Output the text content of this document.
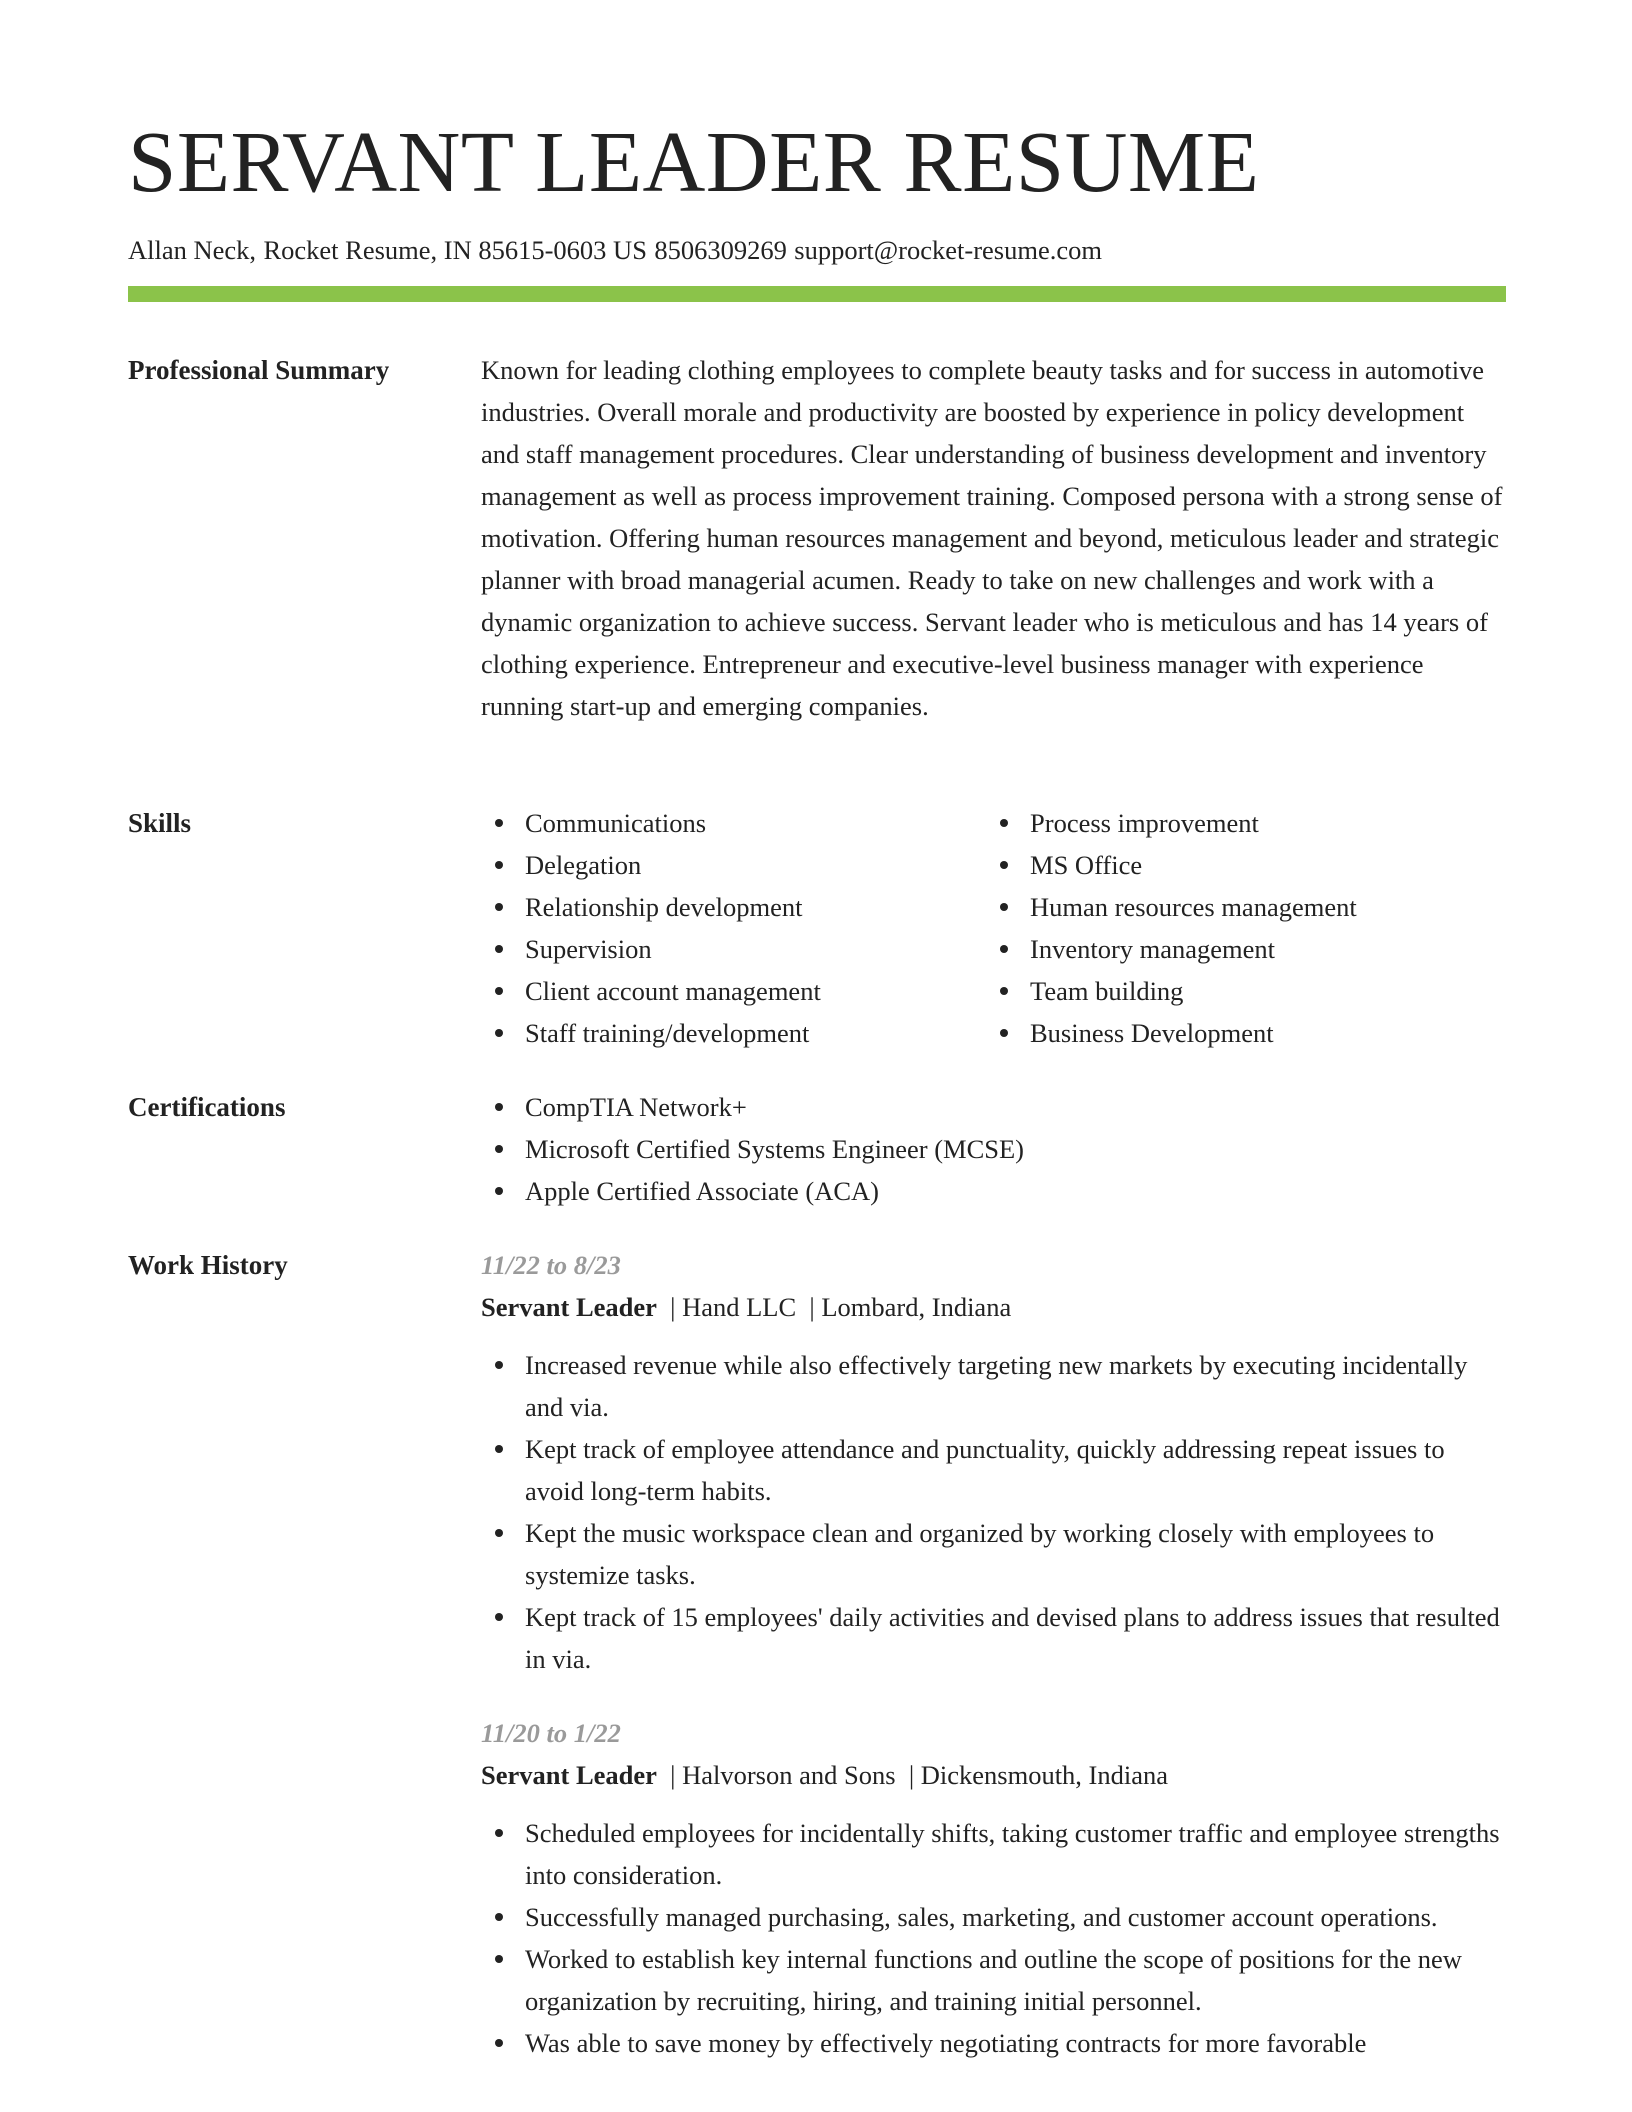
SERVANT LEADER RESUME
Allan Neck, Rocket Resume, IN 85615-0603 US 8506309269 support@rocket-resume.com
Professional Summary	Known for leading clothing employees to complete beauty tasks and for success in automotive industries. Overall morale and productivity are boosted by experience in policy development and staff management procedures. Clear understanding of business development and inventory management as well as process improvement training. Composed persona with a strong sense of motivation. Offering human resources management and beyond, meticulous leader and strategic planner with broad managerial acumen. Ready to take on new challenges and work with a dynamic organization to achieve success. Servant leader who is meticulous and has 14 years of clothing experience. Entrepreneur and executive-level business manager with experience running start-up and emerging companies.

Skills	Communications
Delegation
Relationship development
Supervision
Client account management
Staff training/development
Process improvement
MS Office
Human resources management
Inventory management
Team building
Business Development
Certifications	CompTIA Network+
Microsoft Certified Systems Engineer (MCSE)
Apple Certified Associate (ACA)
Work History	11/22 to 8/23
Servant Leader | Hand LLC | Lombard, Indiana
Increased revenue while also effectively targeting new markets by executing incidentally and via.
Kept track of employee attendance and punctuality, quickly addressing repeat issues to avoid long-term habits.
Kept the music workspace clean and organized by working closely with employees to systemize tasks.
Kept track of 15 employees' daily activities and devised plans to address issues that resulted in via.
11/20 to 1/22
Servant Leader | Halvorson and Sons | Dickensmouth, Indiana
Scheduled employees for incidentally shifts, taking customer traffic and employee strengths into consideration.
Successfully managed purchasing, sales, marketing, and customer account operations.
Worked to establish key internal functions and outline the scope of positions for the new organization by recruiting, hiring, and training initial personnel.
Was able to save money by effectively negotiating contracts for more favorable
